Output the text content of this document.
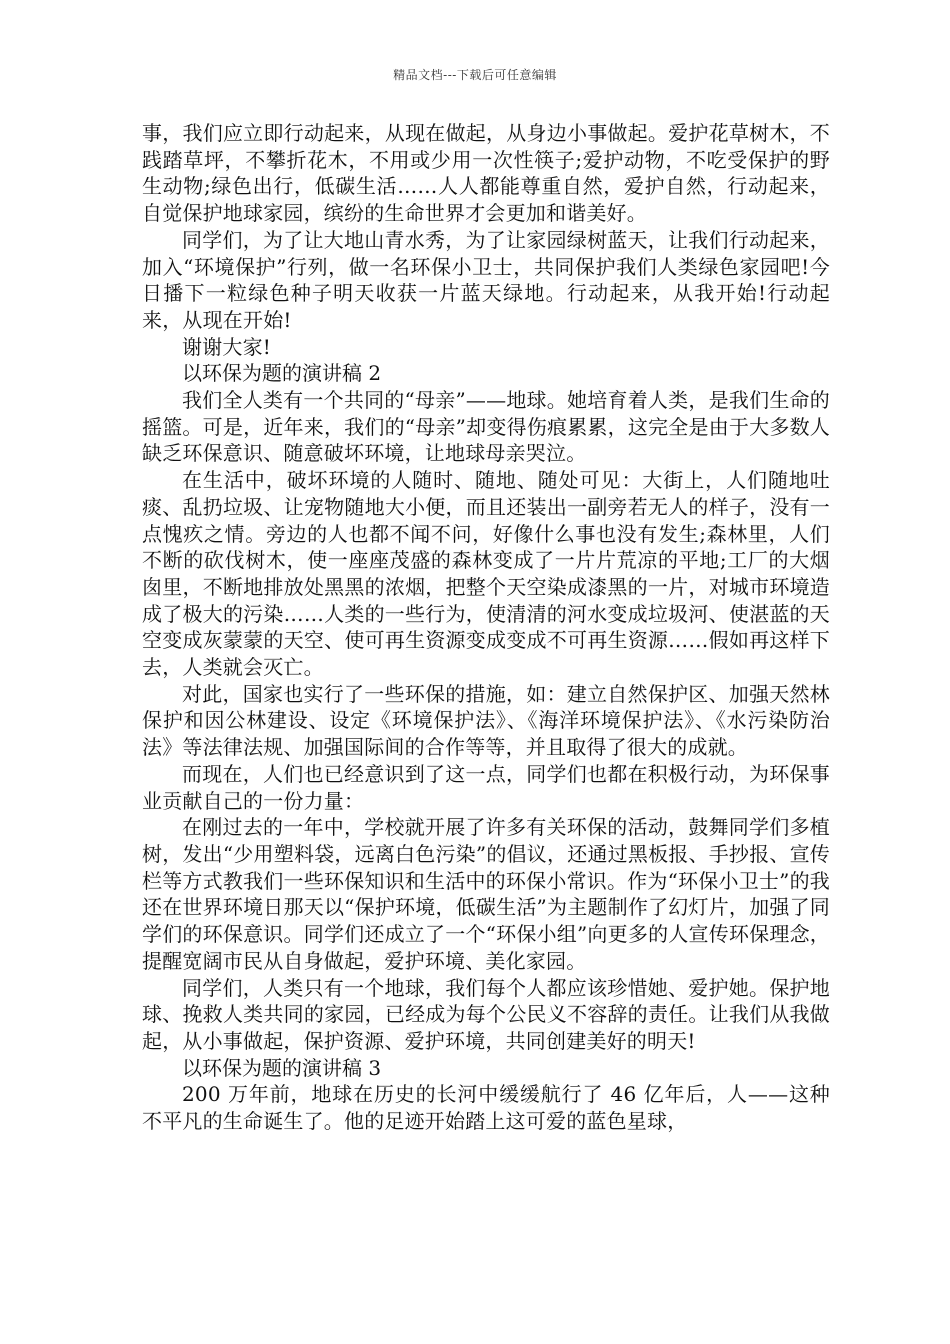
精品文档---下载后可任意编辑

事，我们应立即行动起来，从现在做起，从身边小事做起。爱护花草树木，不践踏草坪，不攀折花木，不用或少用一次性筷子;爱护动物，不吃受保护的野生动物;绿色出行，低碳生活……人人都能尊重自然，爱护自然，行动起来，自觉保护地球家园，缤纷的生命世界才会更加和谐美好。

同学们，为了让大地山青水秀，为了让家园绿树蓝天，让我们行动起来，加入“环境保护”行列，做一名环保小卫士，共同保护我们人类绿色家园吧!今日播下一粒绿色种子明天收获一片蓝天绿地。行动起来，从我开始!行动起来，从现在开始!

谢谢大家!

以环保为题的演讲稿 2

我们全人类有一个共同的“母亲”——地球。她培育着人类，是我们生命的摇篮。可是，近年来，我们的“母亲”却变得伤痕累累，这完全是由于大多数人缺乏环保意识、随意破坏环境，让地球母亲哭泣。

在生活中，破坏环境的人随时、随地、随处可见：大街上，人们随地吐痰、乱扔垃圾、让宠物随地大小便，而且还装出一副旁若无人的样子，没有一点愧疚之情。旁边的人也都不闻不问，好像什么事也没有发生;森林里，人们不断的砍伐树木，使一座座茂盛的森林变成了一片片荒凉的平地;工厂的大烟囱里，不断地排放处黑黑的浓烟，把整个天空染成漆黑的一片，对城市环境造成了极大的污染……人类的一些行为，使清清的河水变成垃圾河、使湛蓝的天空变成灰蒙蒙的天空、使可再生资源变成变成不可再生资源……假如再这样下去，人类就会灭亡。

对此，国家也实行了一些环保的措施，如：建立自然保护区、加强天然林保护和因公林建设、设定《环境保护法》、《海洋环境保护法》、《水污染防治法》等法律法规、加强国际间的合作等等，并且取得了很大的成就。

而现在，人们也已经意识到了这一点，同学们也都在积极行动，为环保事业贡献自己的一份力量：

在刚过去的一年中，学校就开展了许多有关环保的活动，鼓舞同学们多植树，发出“少用塑料袋，远离白色污染”的倡议，还通过黑板报、手抄报、宣传栏等方式教我们一些环保知识和生活中的环保小常识。作为“环保小卫士”的我还在世界环境日那天以“保护环境，低碳生活”为主题制作了幻灯片，加强了同学们的环保意识。同学们还成立了一个“环保小组”向更多的人宣传环保理念，提醒宽阔市民从自身做起，爱护环境、美化家园。

同学们，人类只有一个地球，我们每个人都应该珍惜她、爱护她。保护地球、挽救人类共同的家园，已经成为每个公民义不容辞的责任。让我们从我做起，从小事做起，保护资源、爱护环境，共同创建美好的明天!

以环保为题的演讲稿 3

200 万年前，地球在历史的长河中缓缓航行了 46 亿年后，人——这种不平凡的生命诞生了。他的足迹开始踏上这可爱的蓝色星球，
